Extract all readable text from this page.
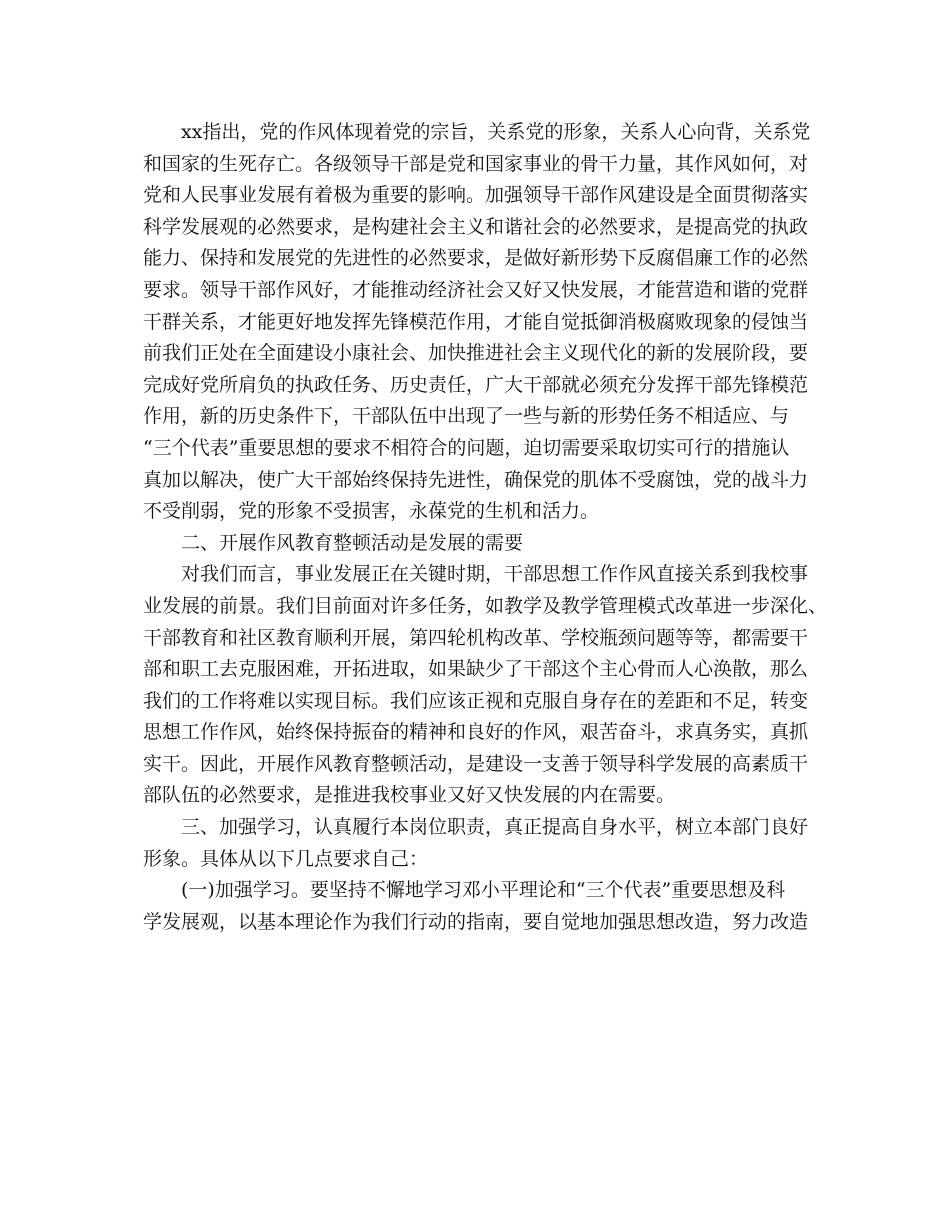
xx指出，党的作风体现着党的宗旨，关系党的形象，关系人心向背，关系党
和国家的生死存亡。各级领导干部是党和国家事业的骨干力量，其作风如何，对
党和人民事业发展有着极为重要的影响。加强领导干部作风建设是全面贯彻落实
科学发展观的必然要求，是构建社会主义和谐社会的必然要求，是提高党的执政
能力、保持和发展党的先进性的必然要求，是做好新形势下反腐倡廉工作的必然
要求。领导干部作风好，才能推动经济社会又好又快发展，才能营造和谐的党群
干群关系，才能更好地发挥先锋模范作用，才能自觉抵御消极腐败现象的侵蚀当
前我们正处在全面建设小康社会、加快推进社会主义现代化的新的发展阶段，要
完成好党所肩负的执政任务、历史责任，广大干部就必须充分发挥干部先锋模范
作用，新的历史条件下，干部队伍中出现了一些与新的形势任务不相适应、与
“三个代表”重要思想的要求不相符合的问题，迫切需要采取切实可行的措施认
真加以解决，使广大干部始终保持先进性，确保党的肌体不受腐蚀，党的战斗力
不受削弱，党的形象不受损害，永葆党的生机和活力。
二、开展作风教育整顿活动是发展的需要
对我们而言，事业发展正在关键时期，干部思想工作作风直接关系到我校事
业发展的前景。我们目前面对许多任务，如教学及教学管理模式改革进一步深化、
干部教育和社区教育顺利开展，第四轮机构改革、学校瓶颈问题等等，都需要干
部和职工去克服困难，开拓进取，如果缺少了干部这个主心骨而人心涣散，那么
我们的工作将难以实现目标。我们应该正视和克服自身存在的差距和不足，转变
思想工作作风，始终保持振奋的精神和良好的作风，艰苦奋斗，求真务实，真抓
实干。因此，开展作风教育整顿活动，是建设一支善于领导科学发展的高素质干
部队伍的必然要求，是推进我校事业又好又快发展的内在需要。
三、加强学习，认真履行本岗位职责，真正提高自身水平，树立本部门良好
形象。具体从以下几点要求自己：
(一)加强学习。要坚持不懈地学习邓小平理论和“三个代表”重要思想及科
学发展观，以基本理论作为我们行动的指南，要自觉地加强思想改造，努力改造
